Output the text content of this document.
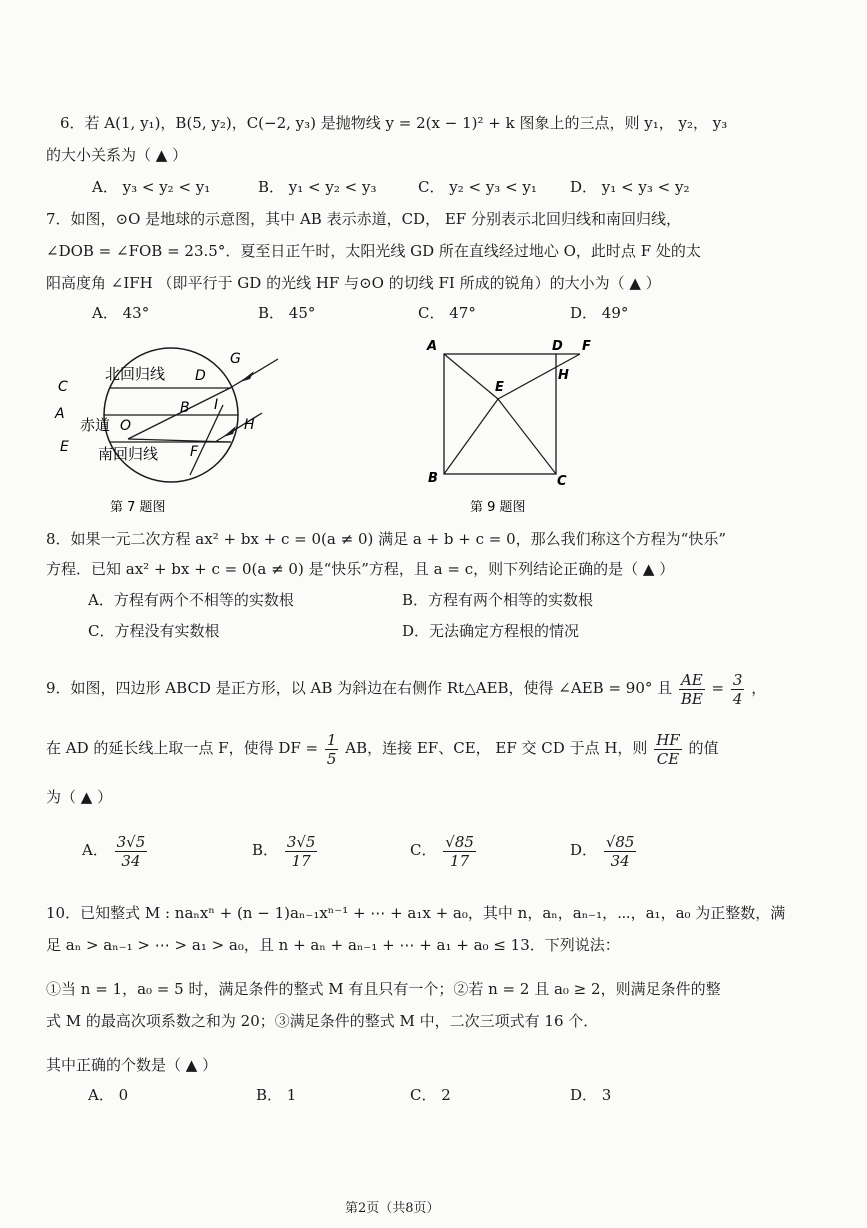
6．若 A(1, y₁)，B(5, y₂)，C(−2, y₃) 是抛物线 y = 2(x − 1)² + k 图象上的三点，则 y₁， y₂， y₃
的大小关系为（ ▲ ）
A． y₃ < y₂ < y₁	B． y₁ < y₂ < y₃	C． y₂ < y₃ < y₁ D． y₁ < y₃ < y₂
7．如图，⊙O 是地球的示意图，其中 AB 表示赤道，CD， EF 分别表示北回归线和南回归线，
∠DOB = ∠FOB = 23.5°．夏至日正午时，太阳光线 GD 所在直线经过地心 O，此时点 F 处的太
阳高度角 ∠IFH （即平行于 GD 的光线 HF 与⊙O 的切线 FI 所成的锐角）的大小为（ ▲ ）
A． 43°	B． 45°	C． 47°	D． 49°
北回归线
赤道
南回归线
C
A
E
D
B
O
F
G
I
H
第 7 题图
A
B	C
D
E
F
H
第 9 题图
8．如果一元二次方程 ax² + bx + c = 0(a ≠ 0) 满足 a + b + c = 0，那么我们称这个方程为“快乐”
方程．已知 ax² + bx + c = 0(a ≠ 0) 是“快乐”方程，且 a = c，则下列结论正确的是（ ▲ ）
A．方程有两个不相等的实数根	B．方程有两个相等的实数根
C．方程没有实数根	D．无法确定方程根的情况
9．如图，四边形 ABCD 是正方形，以 AB 为斜边在右侧作 Rt△AEB，使得 ∠AEB = 90° 且 $\frac{AE}{BE} = \frac{3}{4}$ ，
在 AD 的延长线上取一点 F，使得 DF = $\frac{1}{5}$ AB，连接 EF、CE， EF 交 CD 于点 H，则 $\frac{HF}{CE}$ 的值
为（ ▲ ）
A． $\frac{3√5}{34}$	B． $\frac{3√5}{17}$	C． $\frac{√85}{17}$	D． $\frac{√85}{34}$
10．已知整式 M : naₙxⁿ + (n − 1)aₙ₋₁xⁿ⁻¹ + ⋯ + a₁x + a₀，其中 n，aₙ，aₙ₋₁，⋯，a₁，a₀ 为正整数，满
足 aₙ > aₙ₋₁ > ⋯ > a₁ > a₀，且 n + aₙ + aₙ₋₁ + ⋯ + a₁ + a₀ ≤ 13．下列说法：
①当 n = 1，a₀ = 5 时，满足条件的整式 M 有且只有一个；②若 n = 2 且 a₀ ≥ 2，则满足条件的整
式 M 的最高次项系数之和为 20；③满足条件的整式 M 中，二次三项式有 16 个．
其中正确的个数是（ ▲ ）
A． 0	B． 1	C． 2	D． 3
第2页（共8页）
